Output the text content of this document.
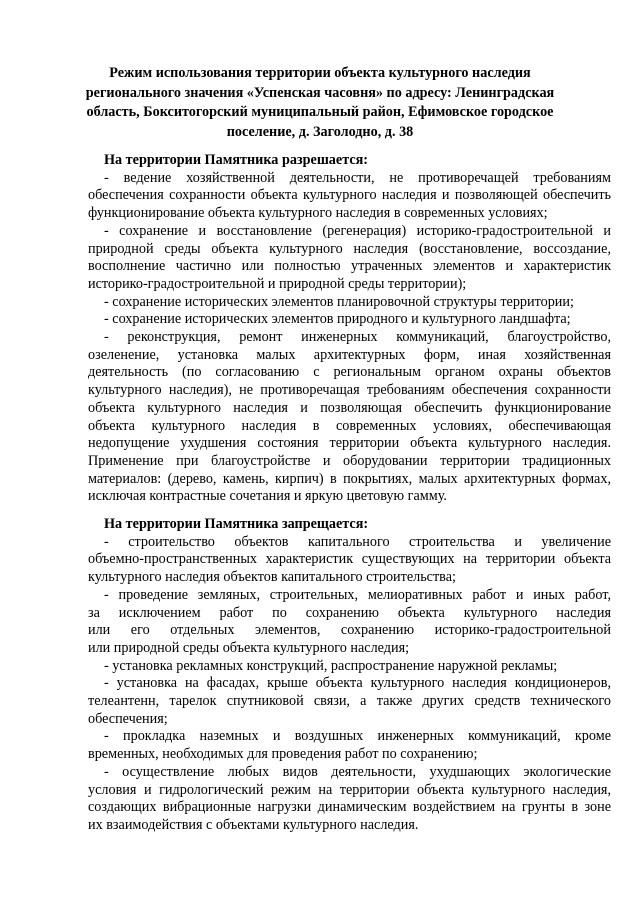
Режим использования территории объекта культурного наследия
регионального значения «Успенская часовня» по адресу: Ленинградская
область, Бокситогорский муниципальный район, Ефимовское городское
поселение, д. Заголодно, д. 38
На территории Памятника разрешается:
- ведение хозяйственной деятельности, не противоречащей требованиям
обеспечения сохранности объекта культурного наследия и позволяющей обеспечить
функционирование объекта культурного наследия в современных условиях;
- сохранение и восстановление (регенерация) историко-градостроительной и
природной среды объекта культурного наследия (восстановление, воссоздание,
восполнение частично или полностью утраченных элементов и характеристик
историко-градостроительной и природной среды территории);
- сохранение исторических элементов планировочной структуры территории;
- сохранение исторических элементов природного и культурного ландшафта;
- реконструкция, ремонт инженерных коммуникаций, благоустройство,
озеленение, установка малых архитектурных форм, иная хозяйственная
деятельность (по согласованию с региональным органом охраны объектов
культурного наследия), не противоречащая требованиям обеспечения сохранности
объекта культурного наследия и позволяющая обеспечить функционирование
объекта культурного наследия в современных условиях, обеспечивающая
недопущение ухудшения состояния территории объекта культурного наследия.
Применение при благоустройстве и оборудовании территории традиционных
материалов: (дерево, камень, кирпич) в покрытиях, малых архитектурных формах,
исключая контрастные сочетания и яркую цветовую гамму.
На территории Памятника запрещается:
- строительство объектов капитального строительства и увеличение
объемно-пространственных характеристик существующих на территории объекта
культурного наследия объектов капитального строительства;
- проведение земляных, строительных, мелиоративных работ и иных работ,
за исключением работ по сохранению объекта культурного наследия
или его отдельных элементов, сохранению историко-градостроительной
или природной среды объекта культурного наследия;
- установка рекламных конструкций, распространение наружной рекламы;
- установка на фасадах, крыше объекта культурного наследия кондиционеров,
телеантенн, тарелок спутниковой связи, а также других средств технического
обеспечения;
- прокладка наземных и воздушных инженерных коммуникаций, кроме
временных, необходимых для проведения работ по сохранению;
- осуществление любых видов деятельности, ухудшающих экологические
условия и гидрологический режим на территории объекта культурного наследия,
создающих вибрационные нагрузки динамическим воздействием на грунты в зоне
их взаимодействия с объектами культурного наследия.
